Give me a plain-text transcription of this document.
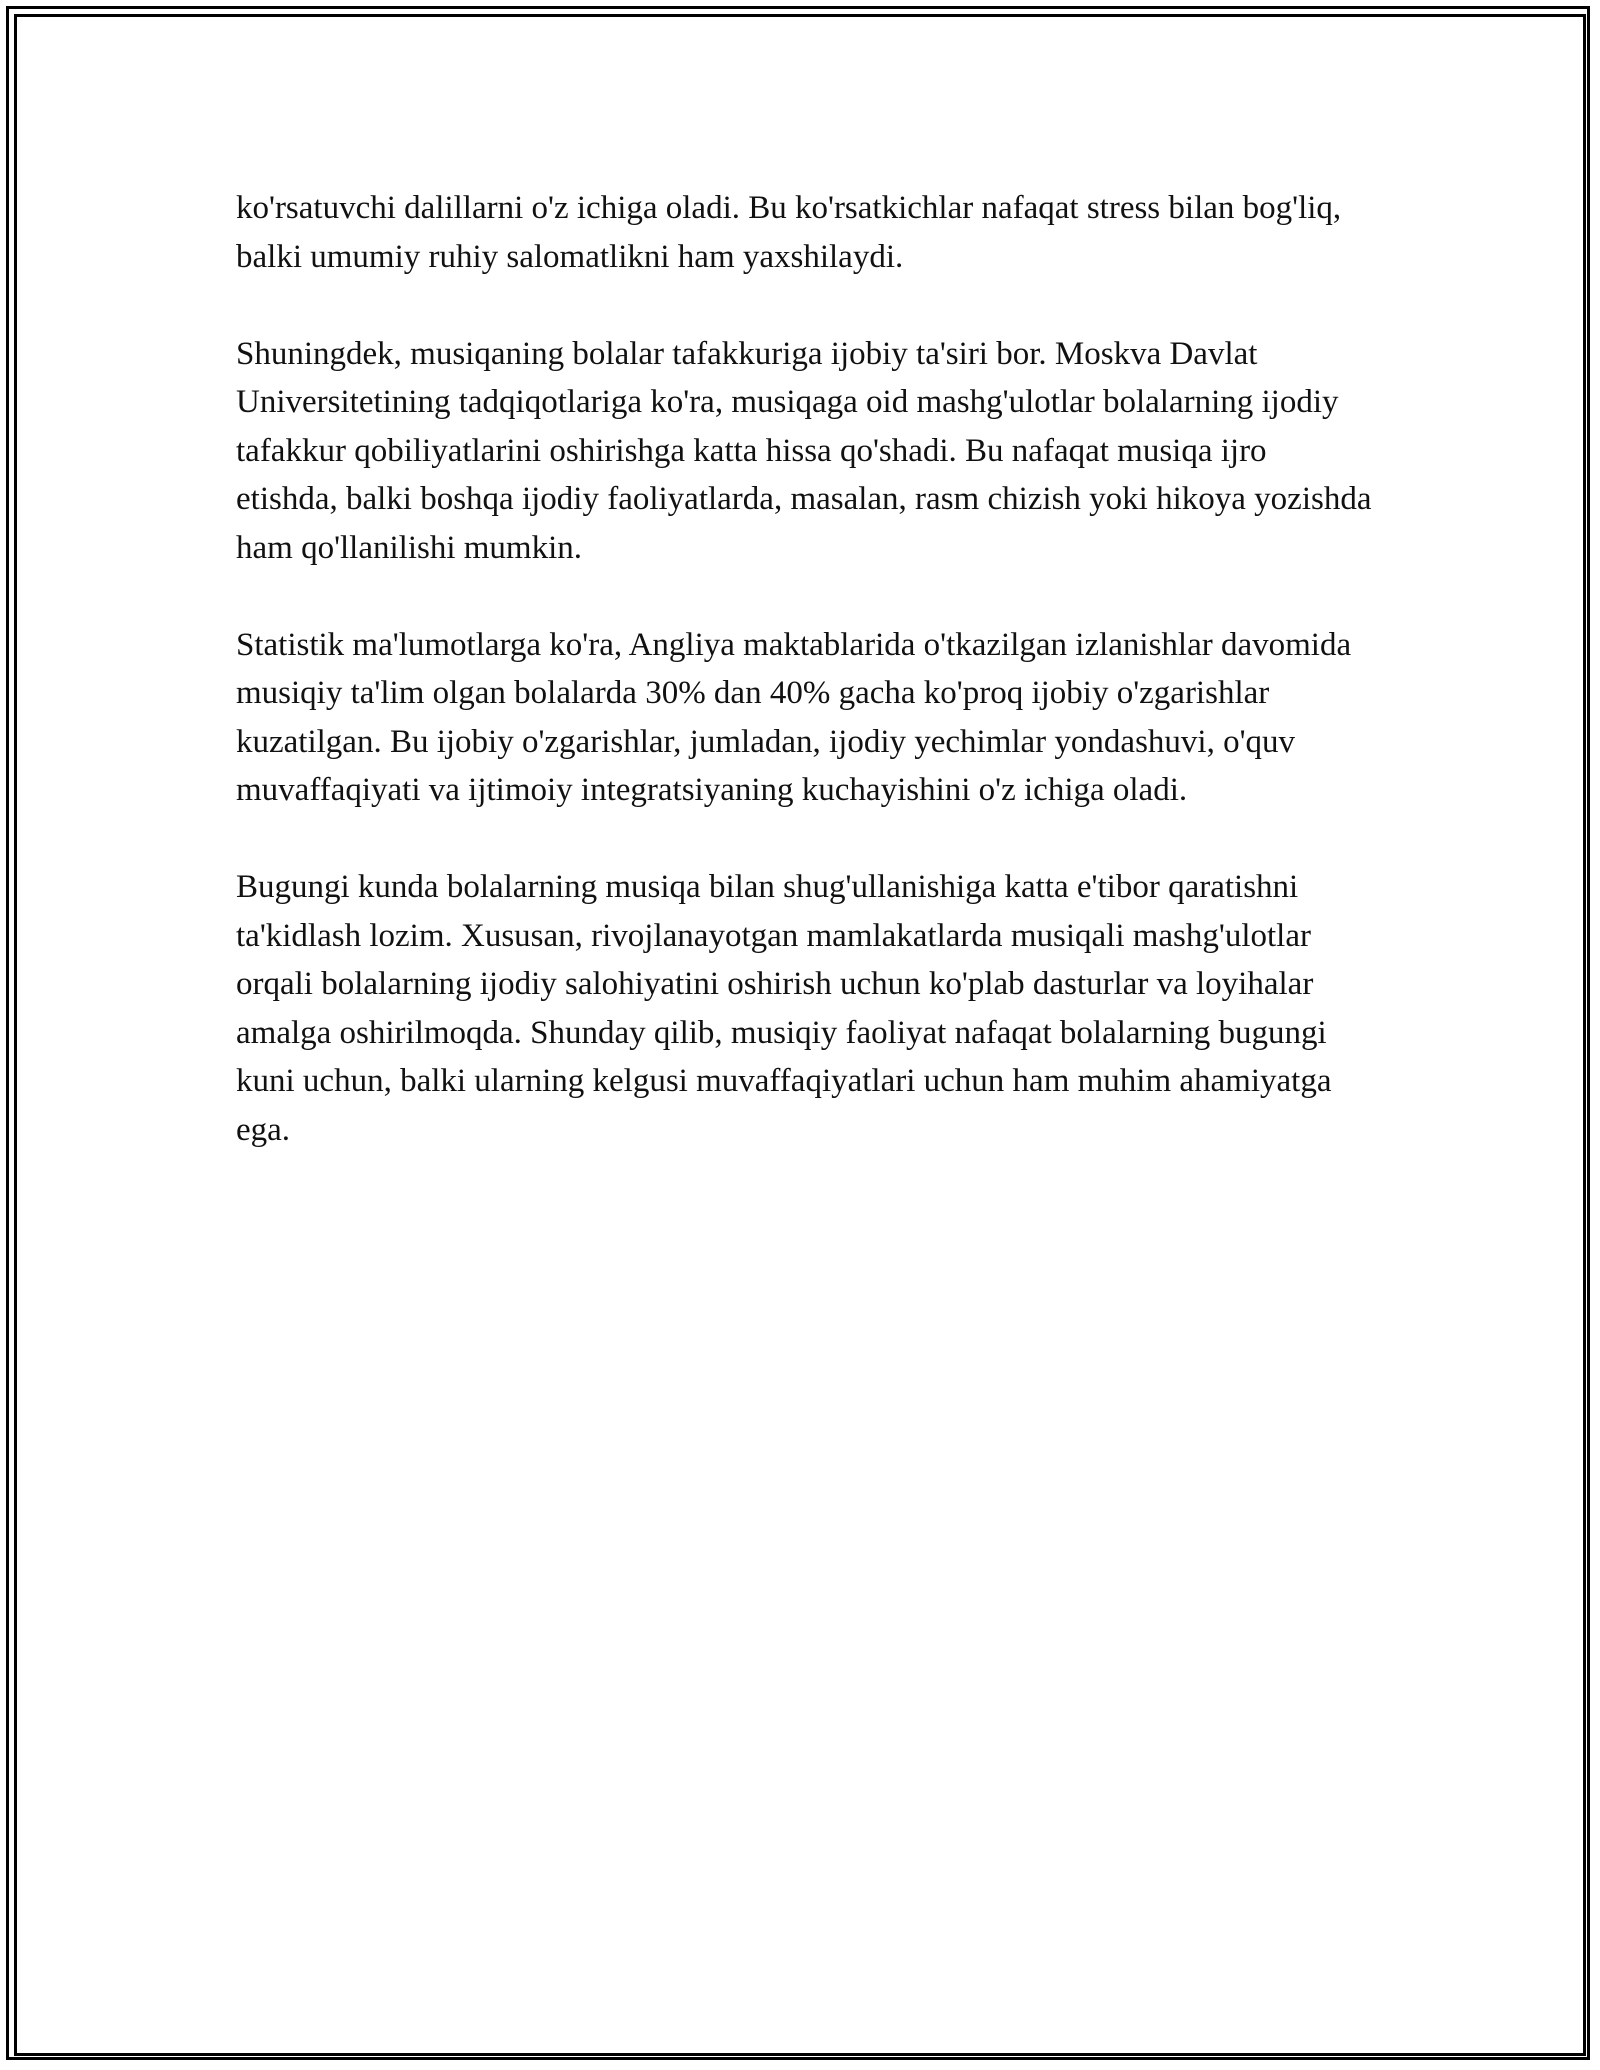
ko'rsatuvchi dalillarni o'z ichiga oladi. Bu ko'rsatkichlar nafaqat stress bilan bog'liq, balki umumiy ruhiy salomatlikni ham yaxshilaydi.

Shuningdek, musiqaning bolalar tafakkuriga ijobiy ta'siri bor. Moskva Davlat Universitetining tadqiqotlariga ko'ra, musiqaga oid mashg'ulotlar bolalarning ijodiy tafakkur qobiliyatlarini oshirishga katta hissa qo'shadi. Bu nafaqat musiqa ijro etishda, balki boshqa ijodiy faoliyatlarda, masalan, rasm chizish yoki hikoya yozishda ham qo'llanilishi mumkin.

Statistik ma'lumotlarga ko'ra, Angliya maktablarida o'tkazilgan izlanishlar davomida musiqiy ta'lim olgan bolalarda 30% dan 40% gacha ko'proq ijobiy o'zgarishlar kuzatilgan. Bu ijobiy o'zgarishlar, jumladan, ijodiy yechimlar yondashuvi, o'quv muvaffaqiyati va ijtimoiy integratsiyaning kuchayishini o'z ichiga oladi.

Bugungi kunda bolalarning musiqa bilan shug'ullanishiga katta e'tibor qaratishni ta'kidlash lozim. Xususan, rivojlanayotgan mamlakatlarda musiqali mashg'ulotlar orqali bolalarning ijodiy salohiyatini oshirish uchun ko'plab dasturlar va loyihalar amalga oshirilmoqda. Shunday qilib, musiqiy faoliyat nafaqat bolalarning bugungi kuni uchun, balki ularning kelgusi muvaffaqiyatlari uchun ham muhim ahamiyatga ega.
